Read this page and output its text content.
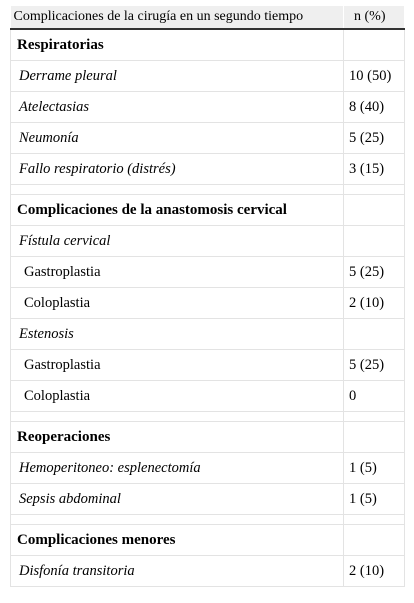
Complicaciones de la cirugía en un segundo tiempo	n (%)
Respiratorias	
Derrame pleural	10 (50)
Atelectasias	8 (40)
Neumonía	5 (25)
Fallo respiratorio (distrés)	3 (15)

Complicaciones de la anastomosis cervical	
Fístula cervical	
Gastroplastia	5 (25)
Coloplastia	2 (10)
Estenosis	
Gastroplastia	5 (25)
Coloplastia	0

Reoperaciones	
Hemoperitoneo: esplenectomía	1 (5)
Sepsis abdominal	1 (5)

Complicaciones menores	
Disfonía transitoria	2 (10)
